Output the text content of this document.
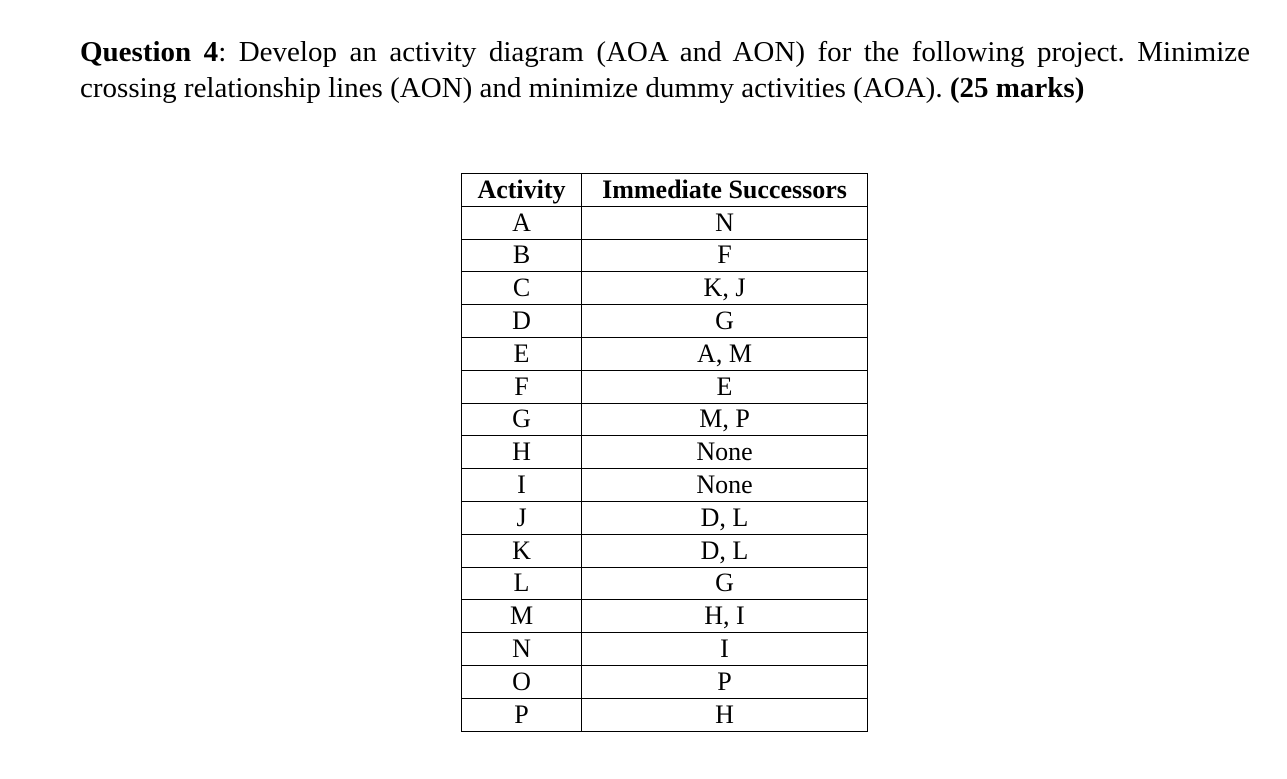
Question 4: Develop an activity diagram (AOA and AON) for the following project. Minimize crossing relationship lines (AON) and minimize dummy activities (AOA). (25 marks)
Activity	Immediate Successors
A	N
B	F
C	K, J
D	G
E	A, M
F	E
G	M, P
H	None
I	None
J	D, L
K	D, L
L	G
M	H, I
N	I
O	P
P	H
